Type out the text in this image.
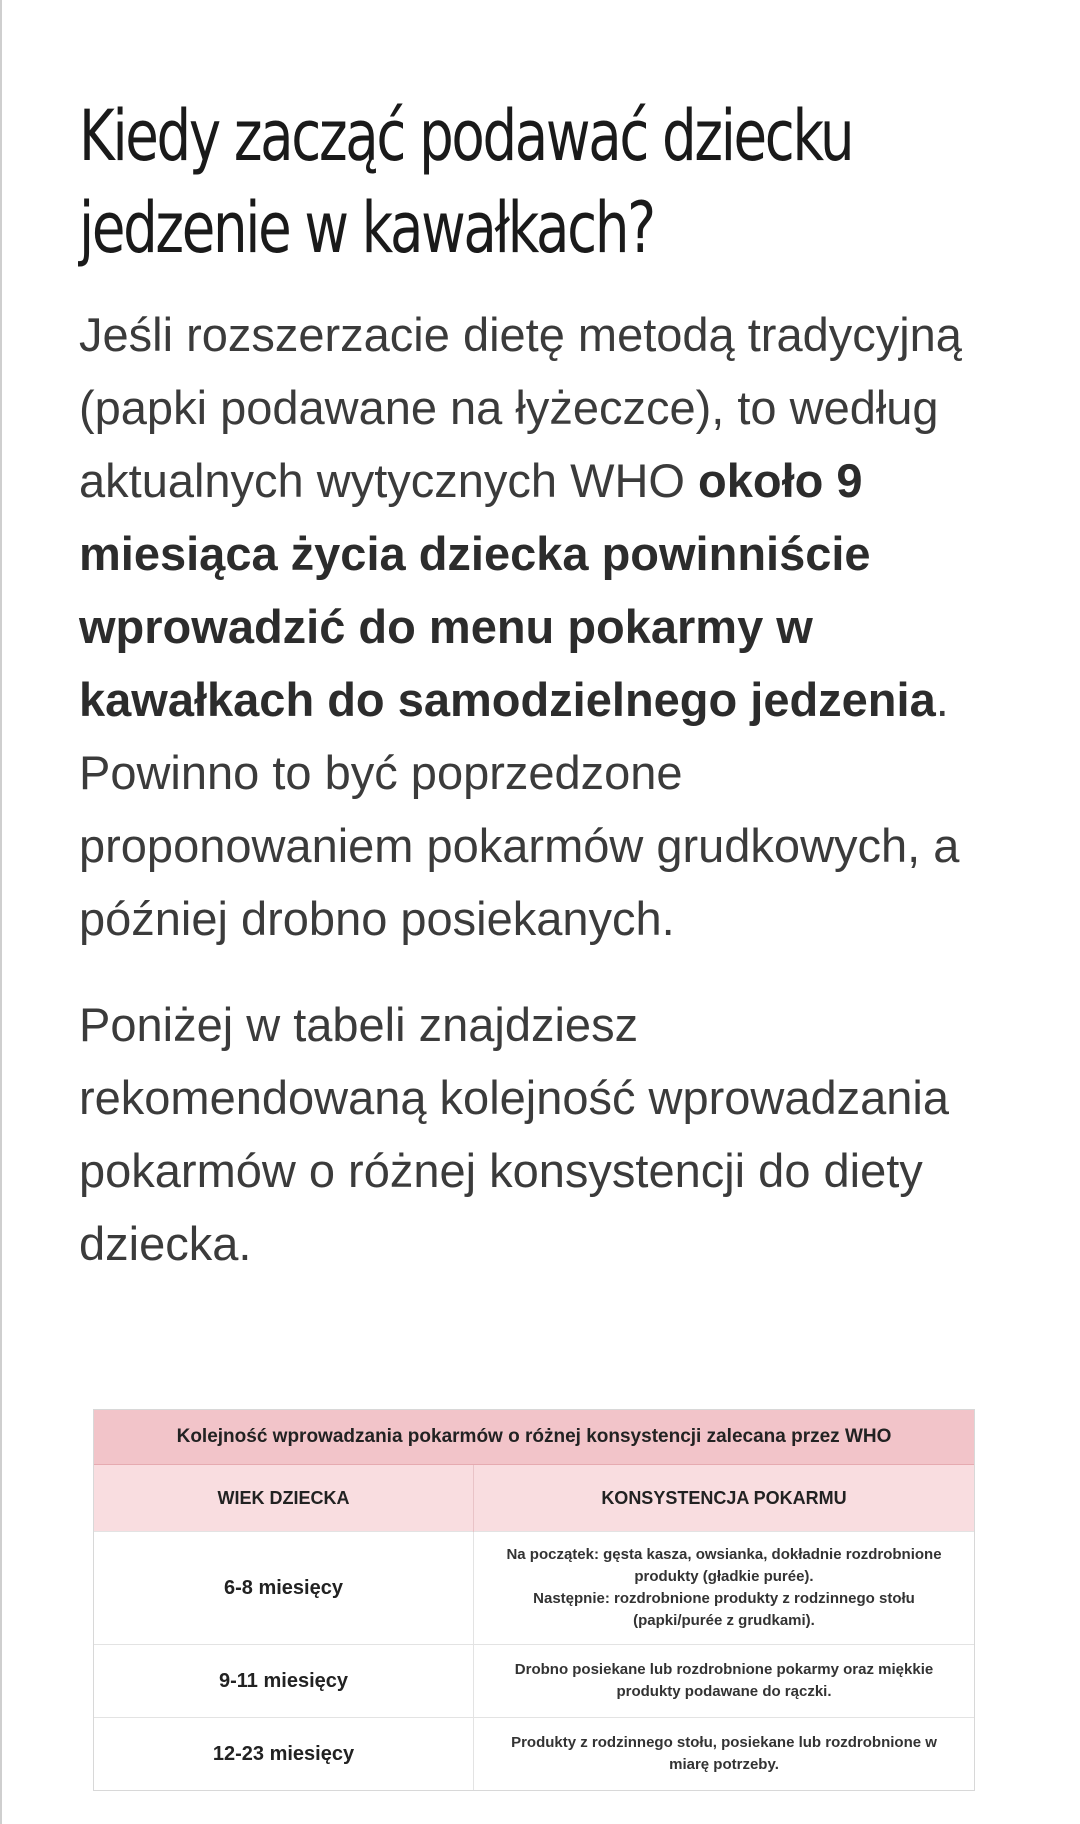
Kiedy zacząć podawać dziecku
jedzenie w kawałkach?

Jeśli rozszerzacie dietę metodą tradycyjną (papki podawane na łyżeczce), to według aktualnych wytycznych WHO około 9 miesiąca życia dziecka powinniście wprowadzić do menu pokarmy w kawałkach do samodzielnego jedzenia. Powinno to być poprzedzone proponowaniem pokarmów grudkowych, a później drobno posiekanych.

Poniżej w tabeli znajdziesz rekomendowaną kolejność wprowadzania pokarmów o różnej konsystencji do diety dziecka.

Kolejność wprowadzania pokarmów o różnej konsystencji zalecana przez WHO	
WIEK DZIECKA	KONSYSTENCJA POKARMU
6-8 miesięcy	Na początek: gęsta kasza, owsianka, dokładnie rozdrobnione produkty (gładkie purée).
Następnie: rozdrobnione produkty z rodzinnego stołu (papki/purée z grudkami).

9-11 miesięcy	Drobno posiekane lub rozdrobnione pokarmy oraz miękkie produkty podawane do rączki.

12-23 miesięcy	Produkty z rodzinnego stołu, posiekane lub rozdrobnione w miarę potrzeby.
